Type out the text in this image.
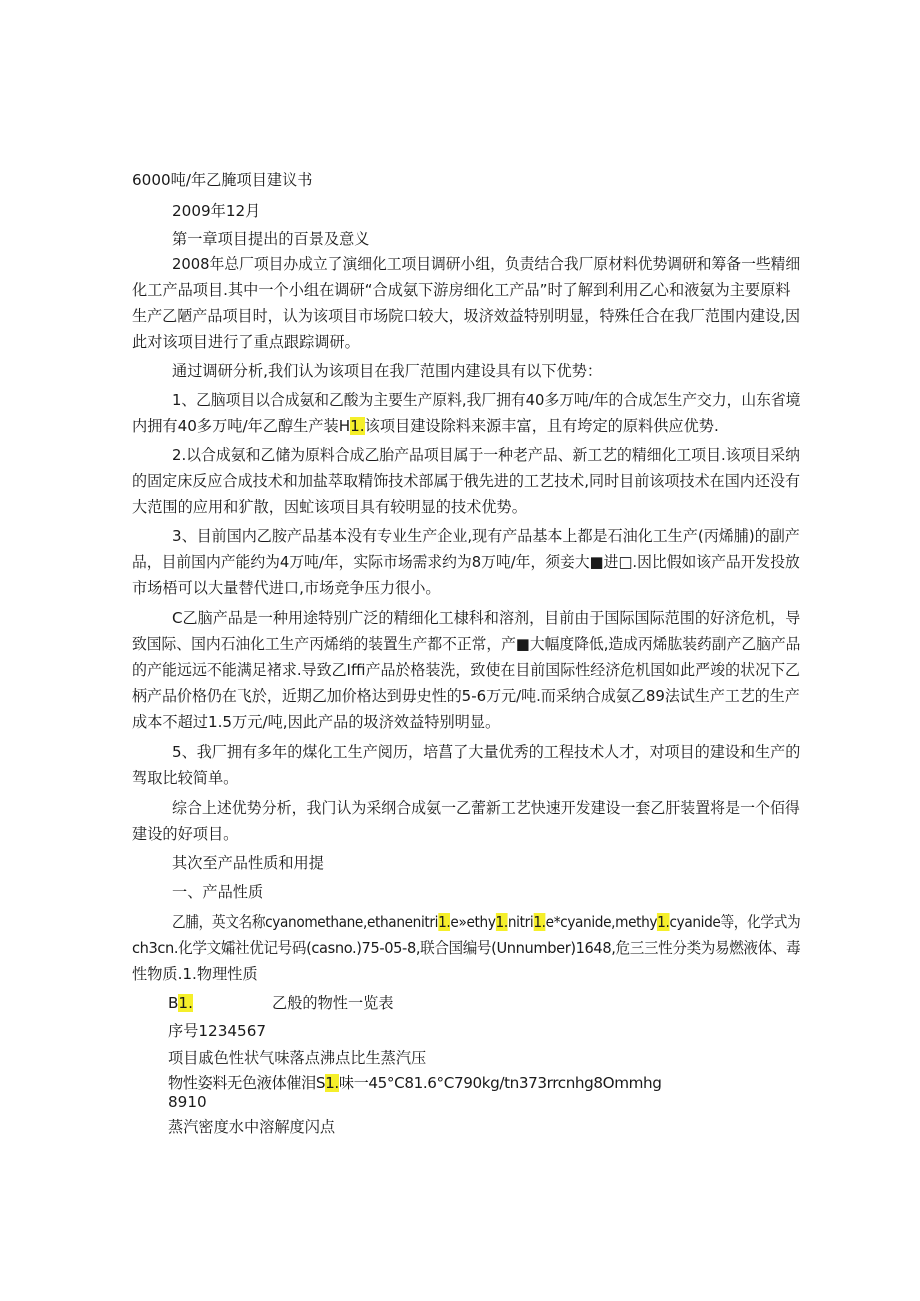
6000吨/年乙腌项目建议书
2009年12月
第一章项目提出的百景及意义
2008年总厂项目办成立了演细化工项目调研小组，负责结合我厂原材料优势调研和筹备一些精细
化工产品项目.其中一个小组在调研“合成氨下游房细化工产品”时了解到利用乙心和液氨为主要原料
生产乙陋产品项目时，认为该项目市场院口较大，圾济效益特别明显，特殊任合在我厂范围内建设,因
此对该项目进行了重点跟踪调研。
通过调研分析,我们认为该项目在我厂范围内建设具有以下优势：
1、乙脑项目以合成氨和乙酸为主要生产原料,我厂拥有40多万吨/年的合成怎生产交力，山东省境
内拥有40多万吨/年乙醇生产装H1.该项目建设除料来源丰富，且有垮定的原料供应优势.
2.以合成氨和乙储为原料合成乙胎产品项目属于一种老产品、新工艺的精细化工项目.该项目采纳
的固定床反应合成技术和加盐萃取精饰技术部属于俄先进的工艺技术,同时目前该项技术在国内还没有
大范围的应用和犷散，因虻该项目具有较明显的技术优势。
3、目前国内乙胺产品基本没有专业生产企业,现有产品基本上都是石油化工生产(丙烯脯)的副产
品，目前国内产能约为4万吨/年，实际市场需求约为8万吨/年，须妾大■进□.因比假如该产品开发投放
市场梧可以大量替代进口,市场竞争压力很小。
C乙脑产品是一种用途特别广泛的精细化工棣科和溶剂，目前由于国际国际范围的好济危机，导
致国际、国内石油化工生产丙烯绡的装置生产都不正常，产■大幅度降低,造成丙烯肱装药副产乙脑产品
的产能远远不能满足褚求.导致乙Iffi产品於格装洗，致使在目前国际性经济危机国如此严竣的状况下乙
柄产品价格仍在飞於，近期乙加价格达到毋史性的5-6万元/吨.而采纳合成氨乙89法试生产工艺的生产
成本不超过1.5万元/吨,因此产品的圾济效益特别明显。
5、我厂拥有多年的煤化工生产阅历，培菖了大量优秀的工程技术人才，对项目的建设和生产的
驾取比较简单。
综合上述优势分析，我门认为采纲合成氨一乙蕾新工艺快速开发建设一套乙肝装置将是一个佰得
建设的好项目。
其次至产品性质和用提
一、产品性质
乙脯，英文名称cyanomethane,ethanenitri1.e»ethy1.nitri1.e*cyanide,methy1.cyanide等，化学式为
ch3cn.化学文孀社优记号码(casno.)75-05-8,联合国编号(Unnumber)1648,危三三性分类为易燃液体、毒
性物质.1.物理性质
B1.	乙般的物性一览表
序号1234567
项目戚色性状气味落点沸点比生蒸汽压
物性姿料无色液体催泪S1.味一45°C81.6°C790kg∕tn373rrcnhg8Ommhg
8910
蒸汽密度水中溶解度闪点
